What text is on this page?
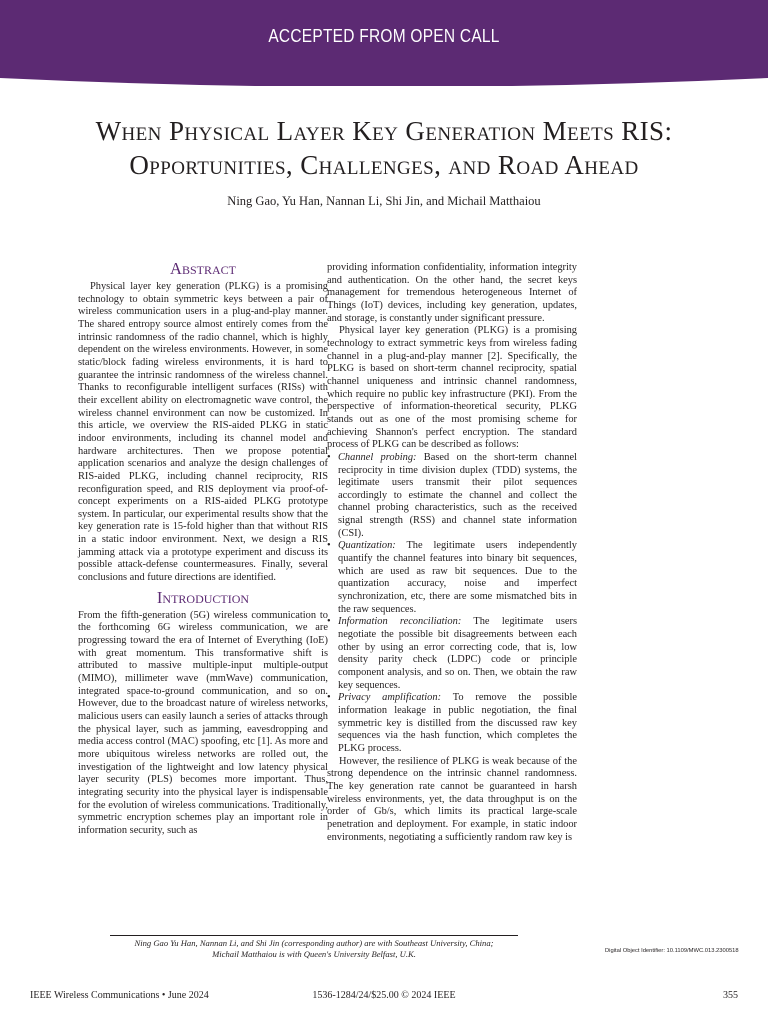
ACCEPTED FROM OPEN CALL
When Physical Layer Key Generation Meets RIS:
Opportunities, Challenges, and Road Ahead
Ning Gao, Yu Han, Nannan Li, Shi Jin, and Michail Matthaiou
Abstract

Physical layer key generation (PLKG) is a promising technology to obtain symmetric keys between a pair of wireless communication users in a plug-and-play manner. The shared entropy source almost entirely comes from the intrinsic randomness of the radio channel, which is highly dependent on the wireless environments. However, in some static/block fading wireless environments, it is hard to guarantee the intrinsic randomness of the wireless channel. Thanks to reconfigurable intelligent surfaces (RISs) with their excellent ability on electromagnetic wave control, the wireless channel environment can now be customized. In this article, we overview the RIS-aided PLKG in static indoor environments, including its channel model and hardware architectures. Then we propose potential application scenarios and analyze the design challenges of RIS-aided PLKG, including channel reciprocity, RIS reconfiguration speed, and RIS deployment via proof-of-concept experiments on a RIS-aided PLKG prototype system. In particular, our experimental results show that the key generation rate is 15-fold higher than that without RIS in a static indoor environment. Next, we design a RIS jamming attack via a prototype experiment and discuss its possible attack-defense countermeasures. Finally, several conclusions and future directions are identified.

Introduction

From the fifth-generation (5G) wireless communication to the forthcoming 6G wireless communication, we are progressing toward the era of Internet of Everything (IoE) with great momentum. This transformative shift is attributed to massive multiple-input multiple-output (MIMO), millimeter wave (mmWave) communication, integrated space-to-ground communication, and so on. However, due to the broadcast nature of wireless networks, malicious users can easily launch a series of attacks through the physical layer, such as jamming, eavesdropping and media access control (MAC) spoofing, etc [1]. As more and more ubiquitous wireless networks are rolled out, the investigation of the lightweight and low latency physical layer security (PLS) becomes more important. Thus, integrating security into the physical layer is indispensable for the evolution of wireless communications. Traditionally, symmetric encryption schemes play an important role in information security, such as

providing information confidentiality, information integrity and authentication. On the other hand, the secret keys management for tremendous heterogeneous Internet of Things (IoT) devices, including key generation, updates, and storage, is constantly under significant pressure.

Physical layer key generation (PLKG) is a promising technology to extract symmetric keys from wireless fading channel in a plug-and-play manner [2]. Specifically, the PLKG is based on short-term channel reciprocity, spatial channel uniqueness and intrinsic channel randomness, which require no public key infrastructure (PKI). From the perspective of information-theoretical security, PLKG stands out as one of the most promising scheme for achieving Shannon's perfect encryption. The standard process of PLKG can be described as follows:

• Channel probing: Based on the short-term channel reciprocity in time division duplex (TDD) systems, the legitimate users transmit their pilot sequences accordingly to estimate the channel and collect the channel probing characteristics, such as the received signal strength (RSS) and channel state information (CSI).
• Quantization: The legitimate users independently quantify the channel features into binary bit sequences, which are used as raw bit sequences. Due to the quantization accuracy, noise and imperfect synchronization, etc, there are some mismatched bits in the raw sequences.
• Information reconciliation: The legitimate users negotiate the possible bit disagreements between each other by using an error correcting code, that is, low density parity check (LDPC) code or principle component analysis, and so on. Then, we obtain the raw key sequences.
• Privacy amplification: To remove the possible information leakage in public negotiation, the final symmetric key is distilled from the discussed raw key sequences via the hash function, which completes the PLKG process.

However, the resilience of PLKG is weak because of the strong dependence on the intrinsic channel randomness. The key generation rate cannot be guaranteed in harsh wireless environments, yet, the data throughput is on the order of Gb/s, which limits its practical large-scale penetration and deployment. For example, in static indoor environments, negotiating a sufficiently random raw key is

Ning Gao Yu Han, Nannan Li, and Shi Jin (corresponding author) are with Southeast University, China;
Michail Matthaiou is with Queen's University Belfast, U.K.	Digital Object Identifier: 10.1109/MWC.013.2300518
IEEE Wireless Communications • June 2024	1536-1284/24/$25.00 © 2024 IEEE	355
